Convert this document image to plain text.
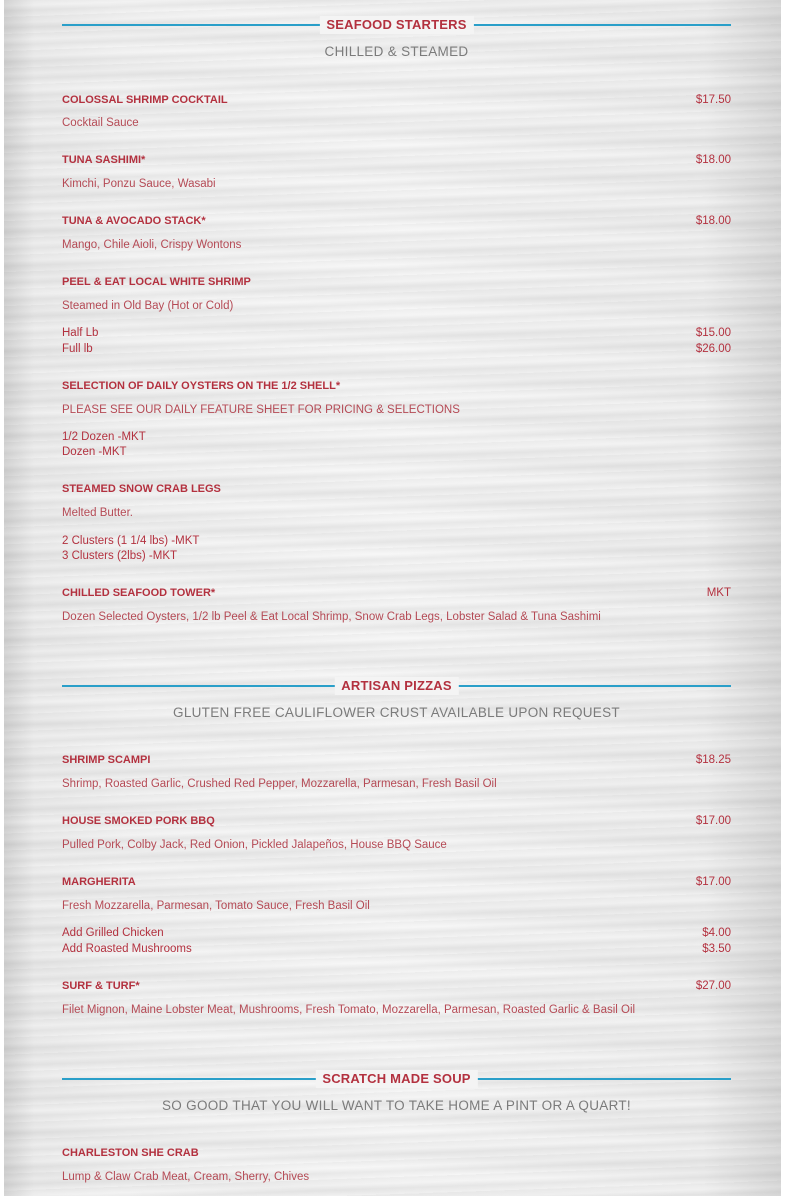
SEAFOOD STARTERS
CHILLED & STEAMED
COLOSSAL SHRIMP COCKTAIL	$17.50
Cocktail Sauce
TUNA SASHIMI*	$18.00
Kimchi, Ponzu Sauce, Wasabi
TUNA & AVOCADO STACK*	$18.00
Mango, Chile Aioli, Crispy Wontons
PEEL & EAT LOCAL WHITE SHRIMP
Steamed in Old Bay (Hot or Cold)
Half Lb	$15.00
Full lb	$26.00
SELECTION OF DAILY OYSTERS ON THE 1/2 SHELL*
PLEASE SEE OUR DAILY FEATURE SHEET FOR PRICING & SELECTIONS
1/2 Dozen -MKT
Dozen -MKT
STEAMED SNOW CRAB LEGS
Melted Butter.
2 Clusters (1 1/4 lbs) -MKT
3 Clusters (2lbs) -MKT
CHILLED SEAFOOD TOWER*	MKT
Dozen Selected Oysters, 1/2 lb Peel & Eat Local Shrimp, Snow Crab Legs, Lobster Salad & Tuna Sashimi
ARTISAN PIZZAS
GLUTEN FREE CAULIFLOWER CRUST AVAILABLE UPON REQUEST
SHRIMP SCAMPI	$18.25
Shrimp, Roasted Garlic, Crushed Red Pepper, Mozzarella, Parmesan, Fresh Basil Oil
HOUSE SMOKED PORK BBQ	$17.00
Pulled Pork, Colby Jack, Red Onion, Pickled Jalapeños, House BBQ Sauce
MARGHERITA	$17.00
Fresh Mozzarella, Parmesan, Tomato Sauce, Fresh Basil Oil
Add Grilled Chicken	$4.00
Add Roasted Mushrooms	$3.50
SURF & TURF*	$27.00
Filet Mignon, Maine Lobster Meat, Mushrooms, Fresh Tomato, Mozzarella, Parmesan, Roasted Garlic & Basil Oil
SCRATCH MADE SOUP
SO GOOD THAT YOU WILL WANT TO TAKE HOME A PINT OR A QUART!
CHARLESTON SHE CRAB
Lump & Claw Crab Meat, Cream, Sherry, Chives
